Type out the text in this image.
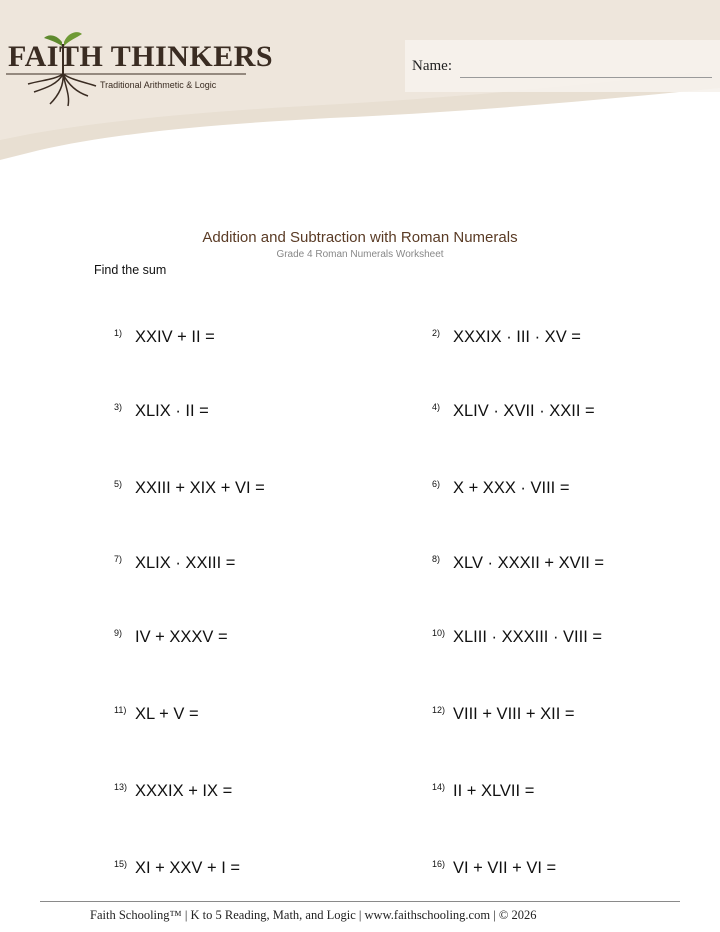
FAITH THINKERS
Traditional Arithmetic & Logic
Name:
Addition and Subtraction with Roman Numerals
Grade 4 Roman Numerals Worksheet
Find the sum
1) XXIV + II =	2) XXXIX · III · XV =
3) XLIX · II =	4) XLIV · XVII · XXII =
5) XXIII + XIX + VI =	6) X + XXX · VIII =
7) XLIX · XXIII =	8) XLV · XXXII + XVII =
9) IV + XXXV =	10) XLIII · XXXIII · VIII =
11) XL + V =	12) VIII + VIII + XII =
13) XXXIX + IX =	14) II + XLVII =
15) XI + XXV + I =	16) VI + VII + VI =
Faith Schooling™ | K to 5 Reading, Math, and Logic | www.faithschooling.com | © 2026
